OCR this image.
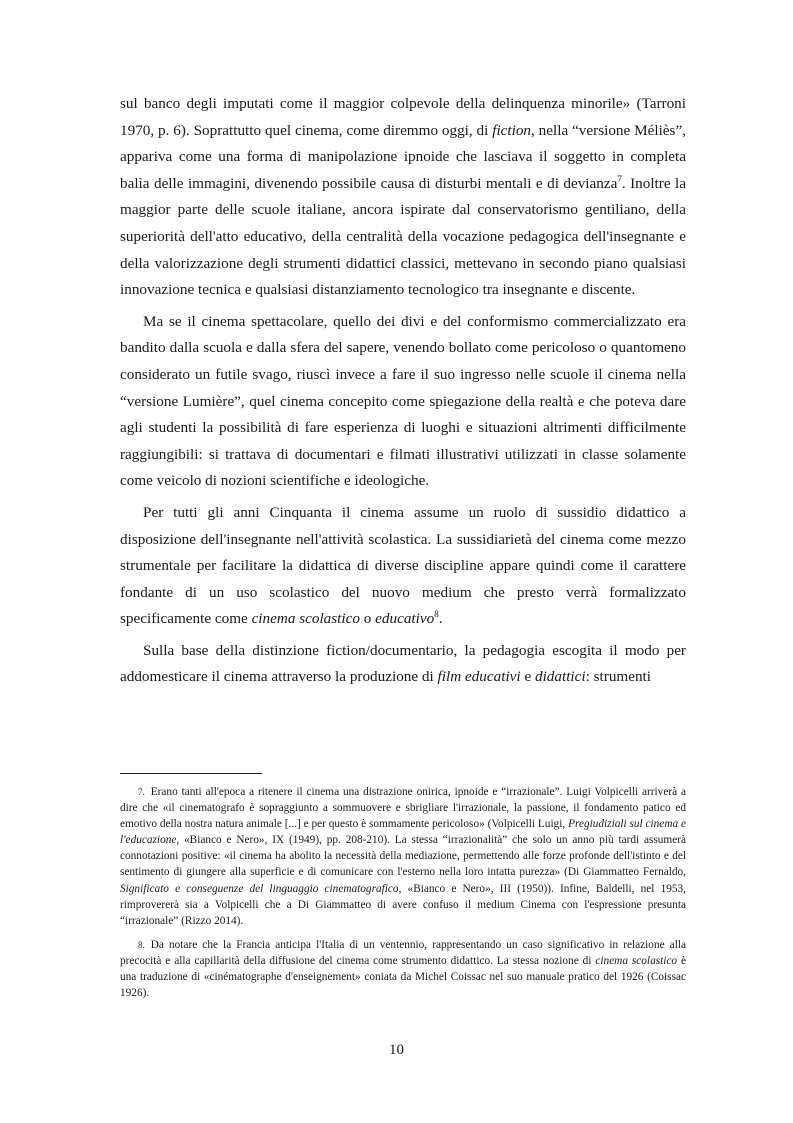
sul banco degli imputati come il maggior colpevole della delinquenza minorile» (Tarroni 1970, p. 6). Soprattutto quel cinema, come diremmo oggi, di fiction, nella “versione Méliès”, appariva come una forma di manipolazione ipnoide che lasciava il soggetto in completa balìa delle immagini, divenendo possibile causa di disturbi mentali e di devianza$^7$. Inoltre la maggior parte delle scuole italiane, ancora ispirate dal conservatorismo gentiliano, della superiorità dell'atto educativo, della centralità della vocazione pedagogica dell'insegnante e della valorizzazione degli strumenti didattici classici, mettevano in secondo piano qualsiasi innovazione tecnica e qualsiasi distanziamento tecnologico tra insegnante e discente.

Ma se il cinema spettacolare, quello dei divi e del conformismo commercializzato era bandito dalla scuola e dalla sfera del sapere, venendo bollato come pericoloso o quantomeno considerato un futile svago, riuscì invece a fare il suo ingresso nelle scuole il cinema nella “versione Lumière”, quel cinema concepito come spiegazione della realtà e che poteva dare agli studenti la possibilità di fare esperienza di luoghi e situazioni altrimenti difficilmente raggiungibili: si trattava di documentari e filmati illustrativi utilizzati in classe solamente come veicolo di nozioni scientifiche e ideologiche.

Per tutti gli anni Cinquanta il cinema assume un ruolo di sussidio didattico a disposizione dell'insegnante nell'attività scolastica. La sussidiarietà del cinema come mezzo strumentale per facilitare la didattica di diverse discipline appare quindi come il carattere fondante di un uso scolastico del nuovo medium che presto verrà formalizzato specificamente come cinema scolastico o educativo$^8$.

Sulla base della distinzione fiction/documentario, la pedagogia escogita il modo per addomesticare il cinema attraverso la produzione di film educativi e didattici: strumenti

7. Erano tanti all'epoca a ritenere il cinema una distrazione onirica, ipnoide e “irrazionale”. Luigi Volpicelli arriverà a dire che «il cinematografo è sopraggiunto a sommuovere e sbrigliare l'irrazionale, la passione, il fondamento patico ed emotivo della nostra natura animale [...] e per questo è sommamente pericoloso» (Volpicelli Luigi, Pregiudiziali sul cinema e l'educazione, «Bianco e Nero», IX (1949), pp. 208-210). La stessa “irrazionalità” che solo un anno più tardi assumerà connotazioni positive: «il cinema ha abolito la necessità della mediazione, permettendo alle forze profonde dell'istinto e del sentimento di giungere alla superficie e di comunicare con l'esterno nella loro intatta purezza» (Di Giammatteo Fernaldo, Significato e conseguenze del linguaggio cinematografico, «Bianco e Nero», III (1950)). Infine, Baldelli, nel 1953, rimprovererà sia a Volpicelli che a Di Giammatteo di avere confuso il medium Cinema con l'espressione presunta “irrazionale” (Rizzo 2014).

8. Da notare che la Francia anticipa l'Italia di un ventennio, rappresentando un caso significativo in relazione alla precocità e alla capillarità della diffusione del cinema come strumento didattico. La stessa nozione di cinema scolastico è una traduzione di «cinématographe d'enseignement» coniata da Michel Coissac nel suo manuale pratico del 1926 (Coissac 1926).

10
